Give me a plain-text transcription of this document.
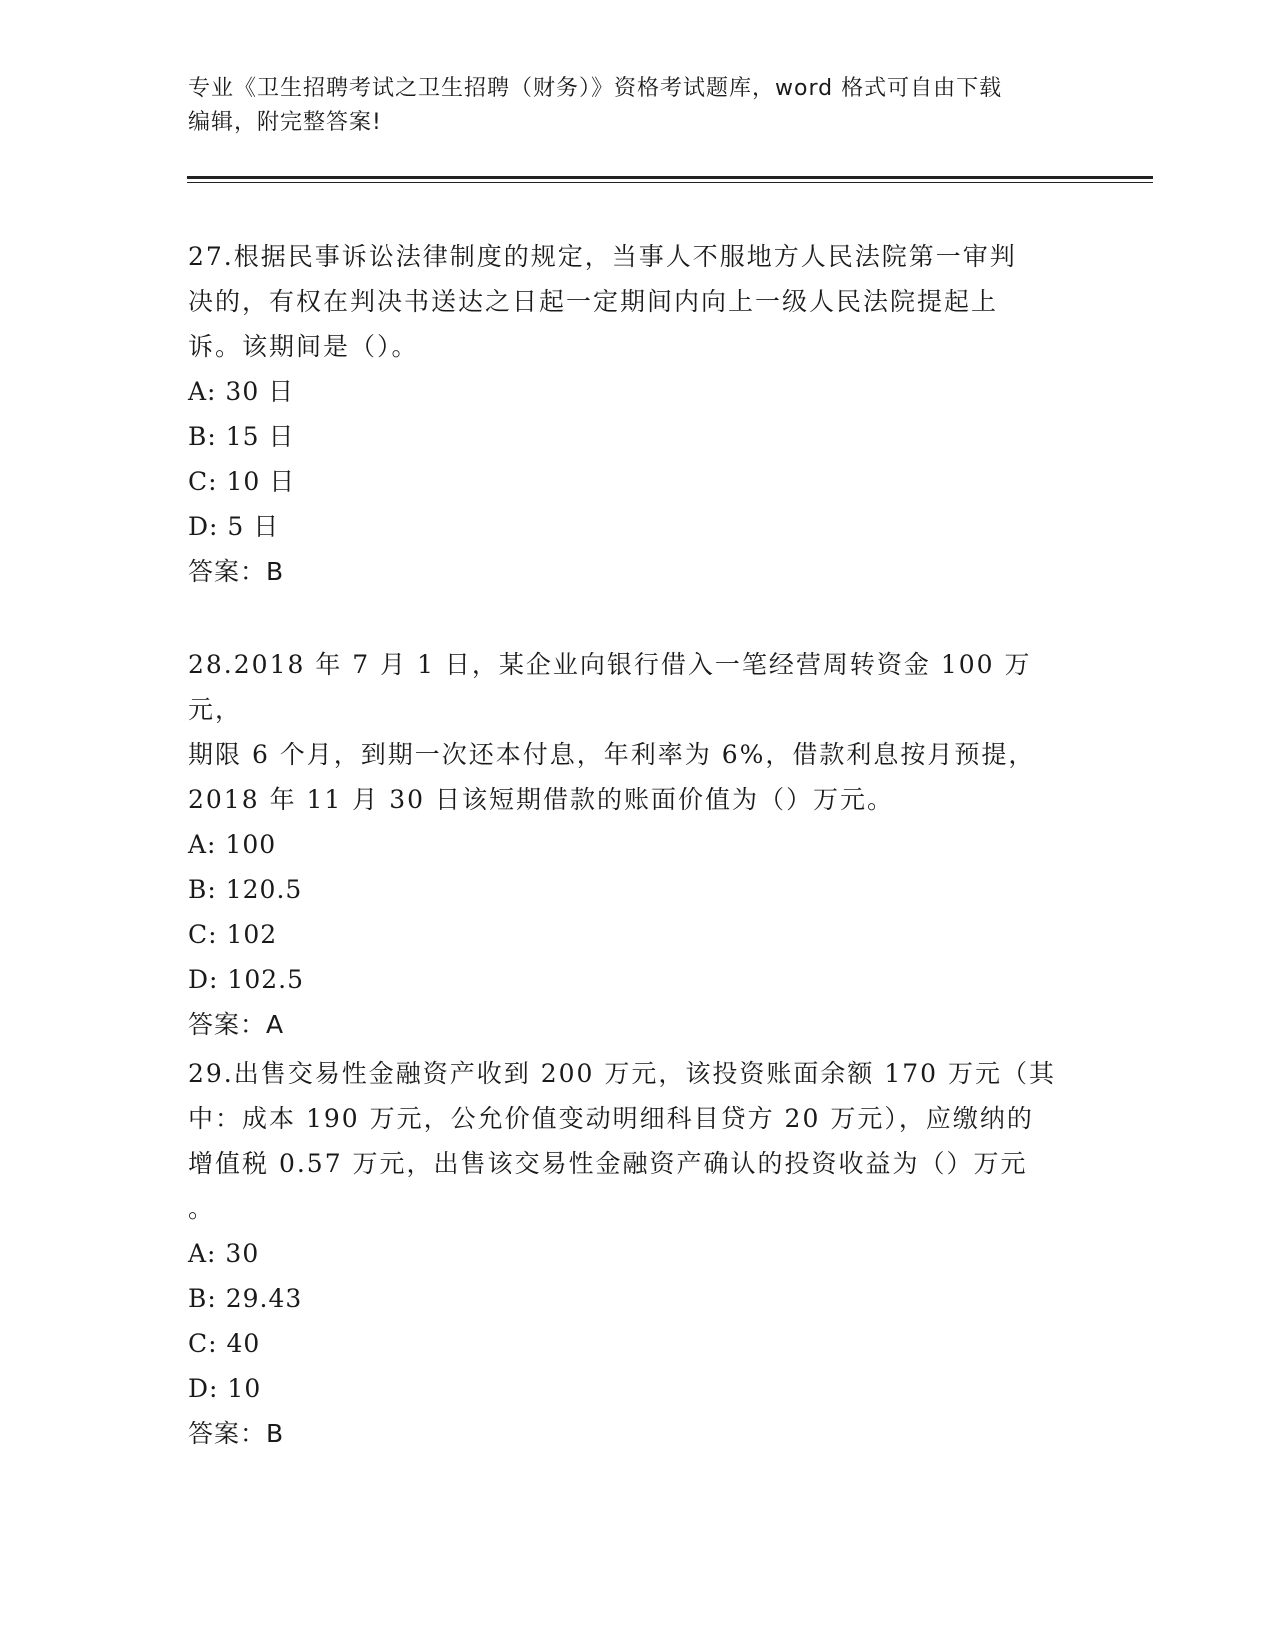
专业《卫生招聘考试之卫生招聘（财务）》资格考试题库，word 格式可自由下载
编辑，附完整答案!

27.根据民事诉讼法律制度的规定，当事人不服地方人民法院第一审判

决的，有权在判决书送达之日起一定期间内向上一级人民法院提起上

诉。该期间是（）。

A: 30 日

B: 15 日

C: 10 日

D: 5 日

答案：B

28.2018 年 7 月 1 日，某企业向银行借入一笔经营周转资金 100 万元，

期限 6 个月，到期一次还本付息，年利率为 6%，借款利息按月预提，

2018 年 11 月 30 日该短期借款的账面价值为（）万元。

A: 100

B: 120.5

C: 102

D: 102.5

答案：A

29.出售交易性金融资产收到 200 万元，该投资账面余额 170 万元（其

中：成本 190 万元，公允价值变动明细科目贷方 20 万元），应缴纳的

增值税 0.57 万元，出售该交易性金融资产确认的投资收益为（）万元

。

A: 30

B: 29.43

C: 40

D: 10

答案：B
